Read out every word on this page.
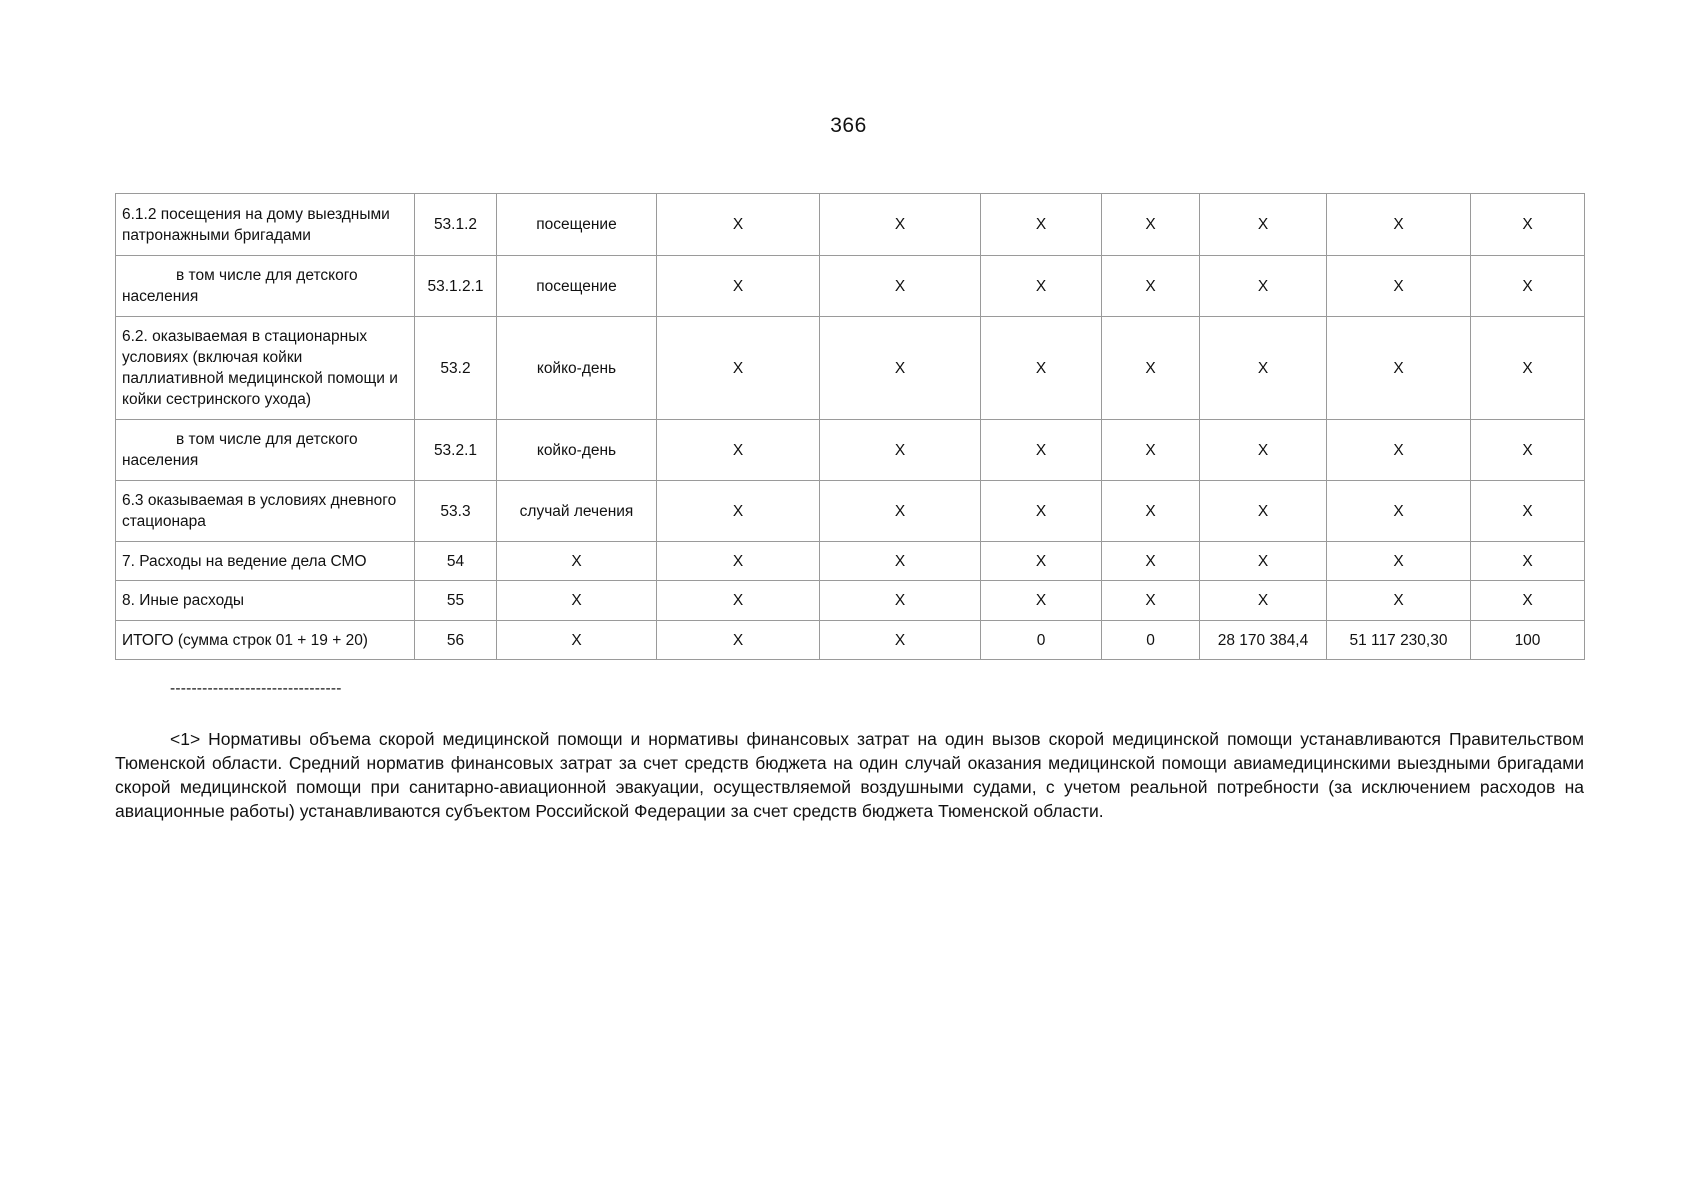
366
6.1.2 посещения на дому выездными патронажными бригадами	53.1.2	посещение	X	X	X	X	X	X	X
в том числе для детского населения	53.1.2.1	посещение	X	X	X	X	X	X	X
6.2. оказываемая в стационарных условиях (включая койки паллиативной медицинской помощи и койки сестринского ухода)	53.2	койко-день	X	X	X	X	X	X	X
в том числе для детского населения	53.2.1	койко-день	X	X	X	X	X	X	X
6.3 оказываемая в условиях дневного стационара	53.3	случай лечения	X	X	X	X	X	X	X
7. Расходы на ведение дела СМО	54	X	X	X	X	X	X	X	X
8. Иные расходы	55	X	X	X	X	X	X	X	X
ИТОГО (сумма строк 01 + 19 + 20)	56	X	X	X	0	0	28 170 384,4	51 117 230,30	100
--------------------------------

<1> Нормативы объема скорой медицинской помощи и нормативы финансовых затрат на один вызов скорой медицинской помощи устанавливаются Правительством Тюменской области. Средний норматив финансовых затрат за счет средств бюджета на один случай оказания медицинской помощи авиамедицинскими выездными бригадами скорой медицинской помощи при санитарно-авиационной эвакуации, осуществляемой воздушными судами, с учетом реальной потребности (за исключением расходов на авиационные работы) устанавливаются субъектом Российской Федерации за счет средств бюджета Тюменской области.
